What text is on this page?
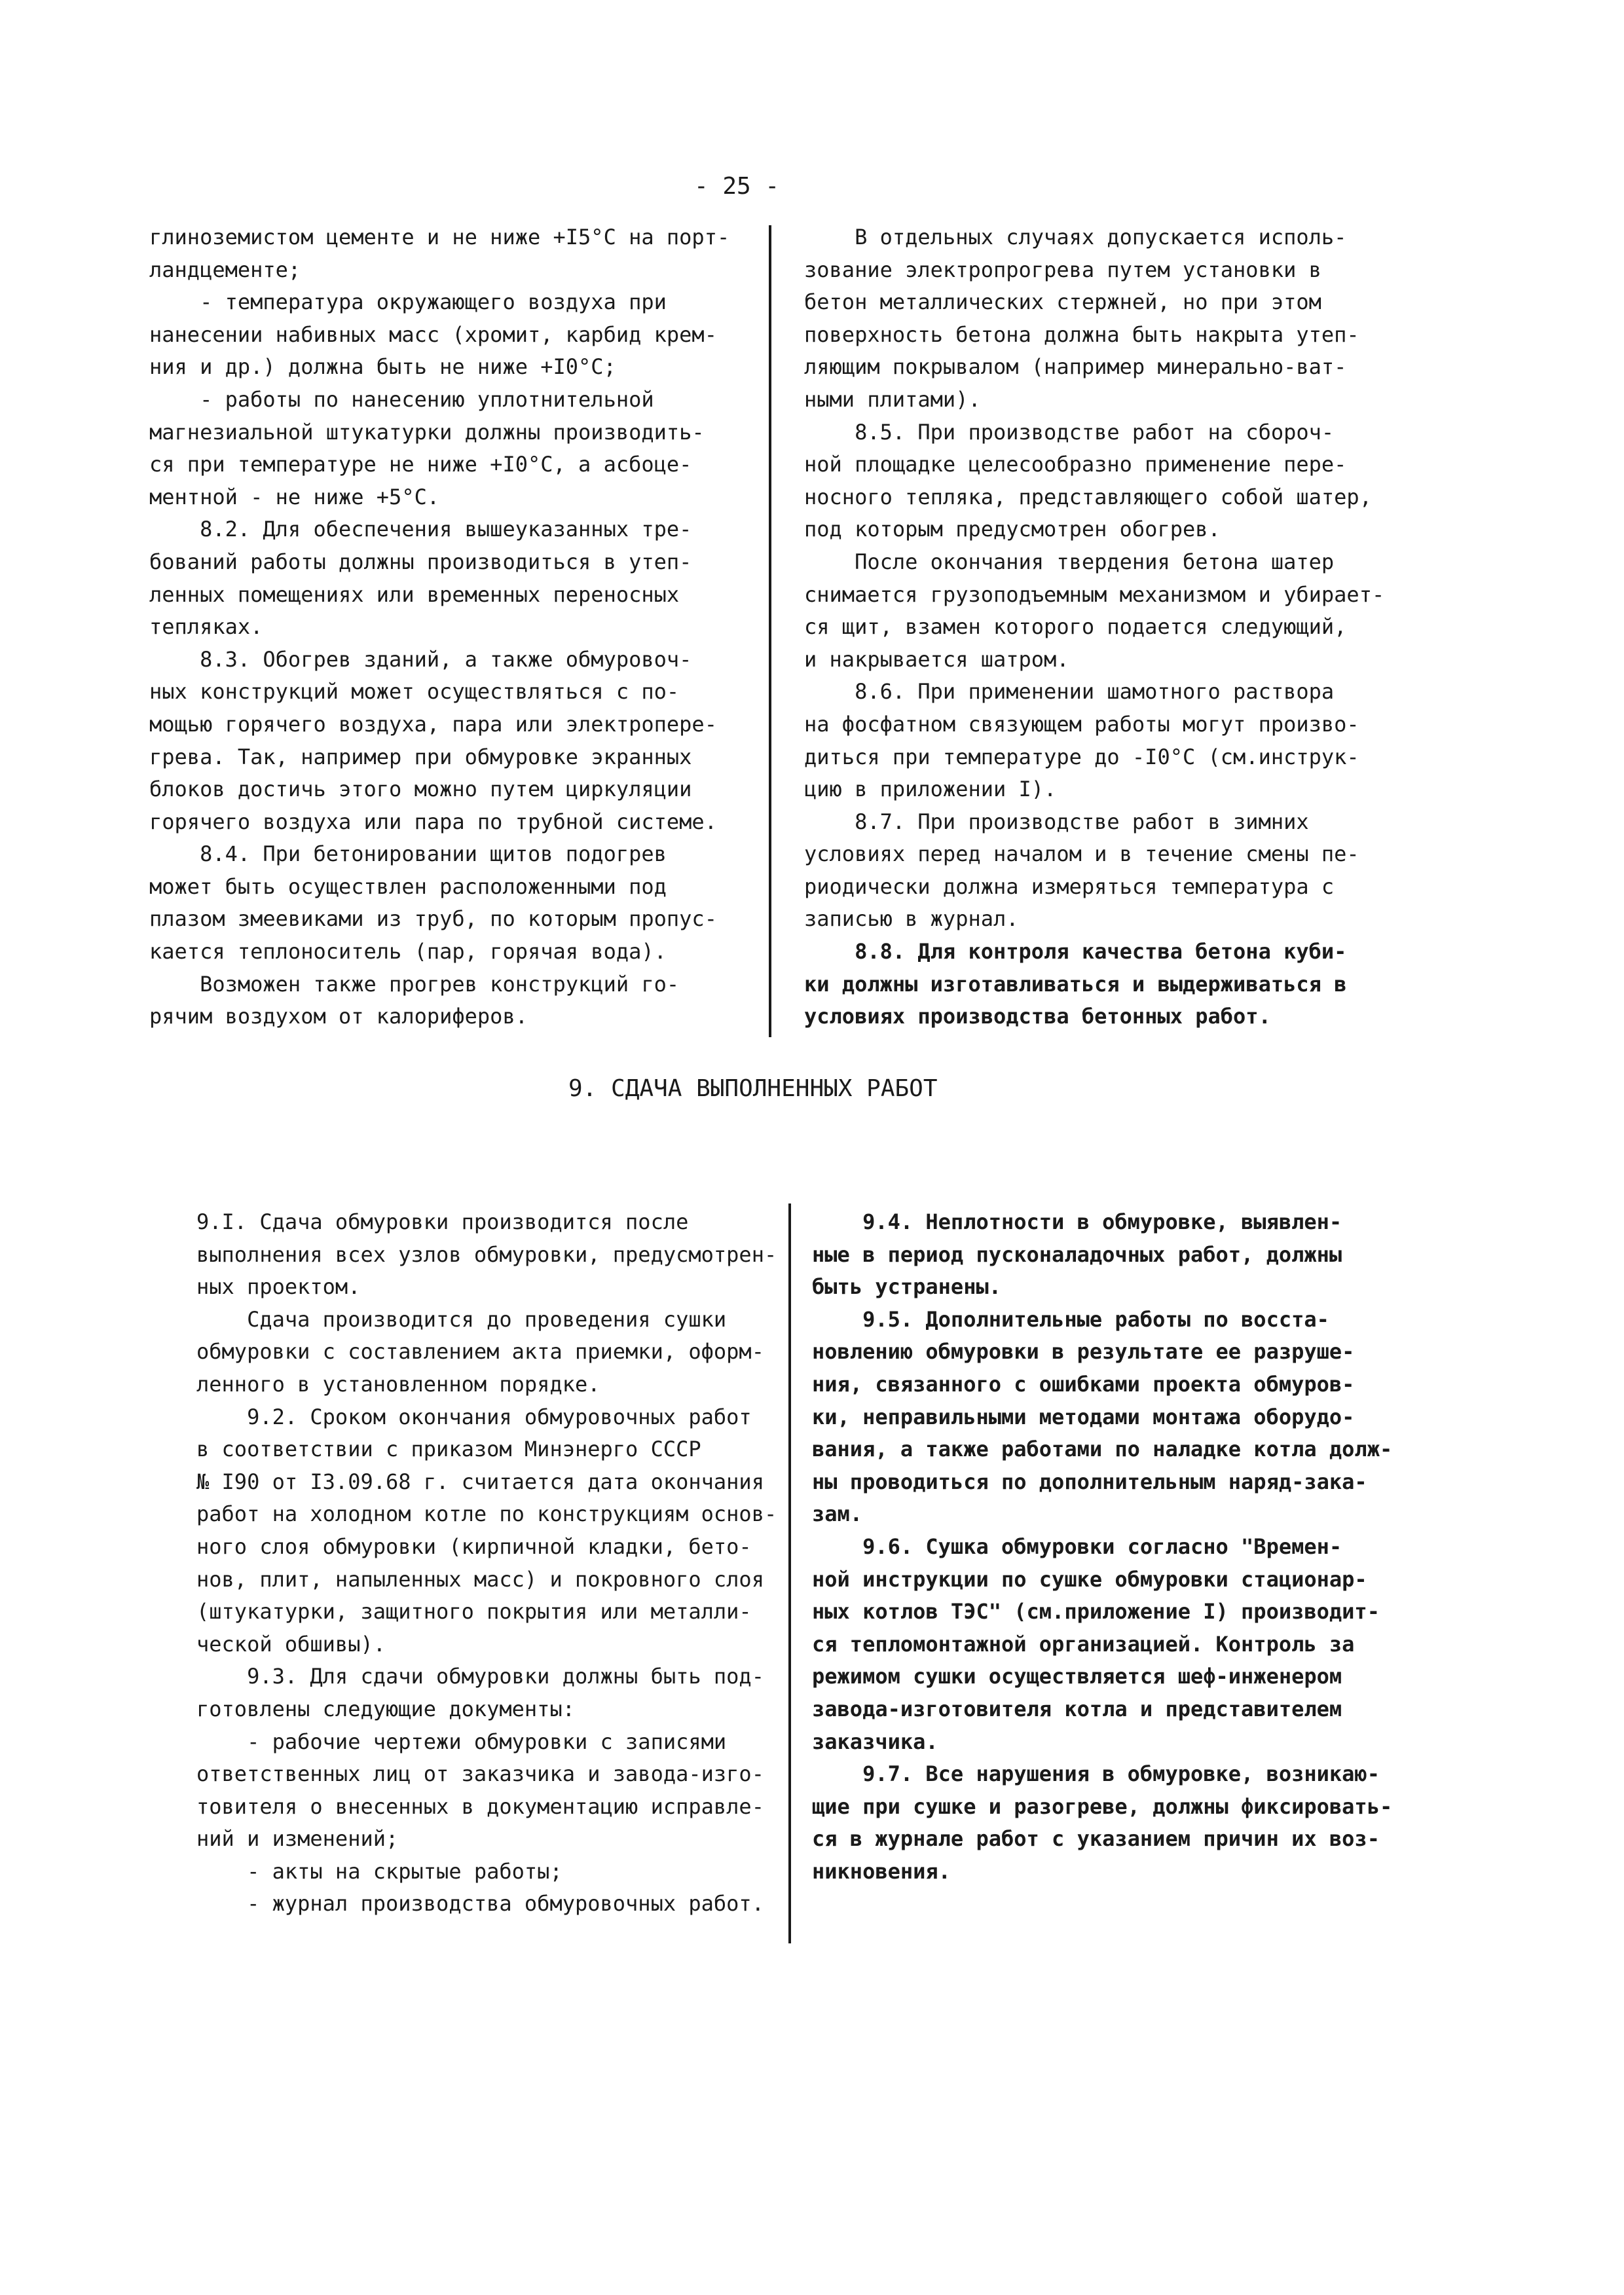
- 25 -
глиноземистом цементе и не ниже +I5°С на порт-
ландцементе;
- температура окружающего воздуха при
нанесении набивных масс (хромит, карбид крем-
ния и др.) должна быть не ниже +I0°С;
- работы по нанесению уплотнительной
магнезиальной штукатурки должны производить-
ся при температуре не ниже +I0°С, а асбоце-
ментной - не ниже +5°С.
8.2. Для обеспечения вышеуказанных тре-
бований работы должны производиться в утеп-
ленных помещениях или временных переносных
тепляках.
8.3. Обогрев зданий, а также обмуровоч-
ных конструкций может осуществляться с по-
мощью горячего воздуха, пара или электропере-
грева. Так, например при обмуровке экранных
блоков достичь этого можно путем циркуляции
горячего воздуха или пара по трубной системе.
8.4. При бетонировании щитов подогрев
может быть осуществлен расположенными под
плазом змеевиками из труб, по которым пропус-
кается теплоноситель (пар, горячая вода).
Возможен также прогрев конструкций го-
рячим воздухом от калориферов.
В отдельных случаях допускается исполь-
зование электропрогрева путем установки в
бетон металлических стержней, но при этом
поверхность бетона должна быть накрыта утеп-
ляющим покрывалом (например минерально-ват-
ными плитами).
8.5. При производстве работ на сбороч-
ной площадке целесообразно применение пере-
носного тепляка, представляющего собой шатер,
под которым предусмотрен обогрев.
После окончания твердения бетона шатер
снимается грузоподъемным механизмом и убирает-
ся щит, взамен которого подается следующий,
и накрывается шатром.
8.6. При применении шамотного раствора
на фосфатном связующем работы могут произво-
диться при температуре до -I0°С (см.инструк-
цию в приложении I).
8.7. При производстве работ в зимних
условиях перед началом и в течение смены пе-
риодически должна измеряться температура с
записью в журнал.
8.8. Для контроля качества бетона куби-
ки должны изготавливаться и выдерживаться в
условиях производства бетонных работ.
9. СДАЧА ВЫПОЛНЕННЫХ РАБОТ
9.I. Сдача обмуровки производится после
выполнения всех узлов обмуровки, предусмотрен-
ных проектом.
Сдача производится до проведения сушки
обмуровки с составлением акта приемки, оформ-
ленного в установленном порядке.
9.2. Сроком окончания обмуровочных работ
в соответствии с приказом Минэнерго СССР
№ I90 от I3.09.68 г. считается дата окончания
работ на холодном котле по конструкциям основ-
ного слоя обмуровки (кирпичной кладки, бето-
нов, плит, напыленных масс) и покровного слоя
(штукатурки, защитного покрытия или металли-
ческой обшивы).
9.3. Для сдачи обмуровки должны быть под-
готовлены следующие документы:
- рабочие чертежи обмуровки с записями
ответственных лиц от заказчика и завода-изго-
товителя о внесенных в документацию исправле-
ний и изменений;
- акты на скрытые работы;
- журнал производства обмуровочных работ.
9.4. Неплотности в обмуровке, выявлен-
ные в период пусконаладочных работ, должны
быть устранены.
9.5. Дополнительные работы по восста-
новлению обмуровки в результате ее разруше-
ния, связанного с ошибками проекта обмуров-
ки, неправильными методами монтажа оборудо-
вания, а также работами по наладке котла долж-
ны проводиться по дополнительным наряд-зака-
зам.
9.6. Сушка обмуровки согласно "Времен-
ной инструкции по сушке обмуровки стационар-
ных котлов ТЭС" (см.приложение I) производит-
ся тепломонтажной организацией. Контроль за
режимом сушки осуществляется шеф-инженером
завода-изготовителя котла и представителем
заказчика.
9.7. Все нарушения в обмуровке, возникаю-
щие при сушке и разогреве, должны фиксировать-
ся в журнале работ с указанием причин их воз-
никновения.
